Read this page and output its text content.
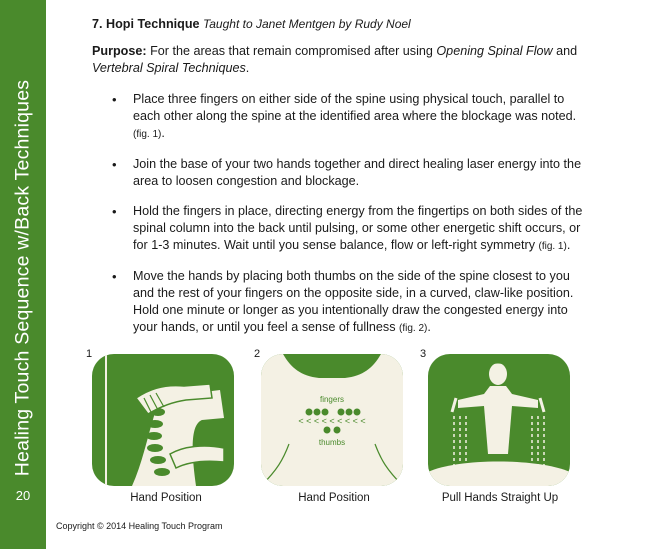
Healing Touch Sequence w/Back Techniques
20

7. Hopi Technique Taught to Janet Mentgen by Rudy Noel

Purpose: For the areas that remain compromised after using Opening Spinal Flow and Vertebral Spiral Techniques.

• Place three fingers on either side of the spine using physical touch, parallel to each other along the spine at the identified area where the blockage was noted. (fig. 1).
• Join the base of your two hands together and direct healing laser energy into the area to loosen congestion and blockage.
• Hold the fingers in place, directing energy from the fingertips on both sides of the spinal column into the back until pulsing, or some other energetic shift occurs, or for 1-3 minutes. Wait until you sense balance, flow or left-right symmetry (fig. 1).
• Move the hands by placing both thumbs on the side of the spine closest to you and the rest of your fingers on the opposite side, in a curved, claw-like position. Hold one minute or longer as you intentionally draw the congested energy into your hands, or until you feel a sense of fullness (fig. 2).
1
Hand Position
2
fingers
< < < < < < < < <
thumbs
Hand Position
3
Pull Hands Straight Up
Copyright © 2014 Healing Touch Program
